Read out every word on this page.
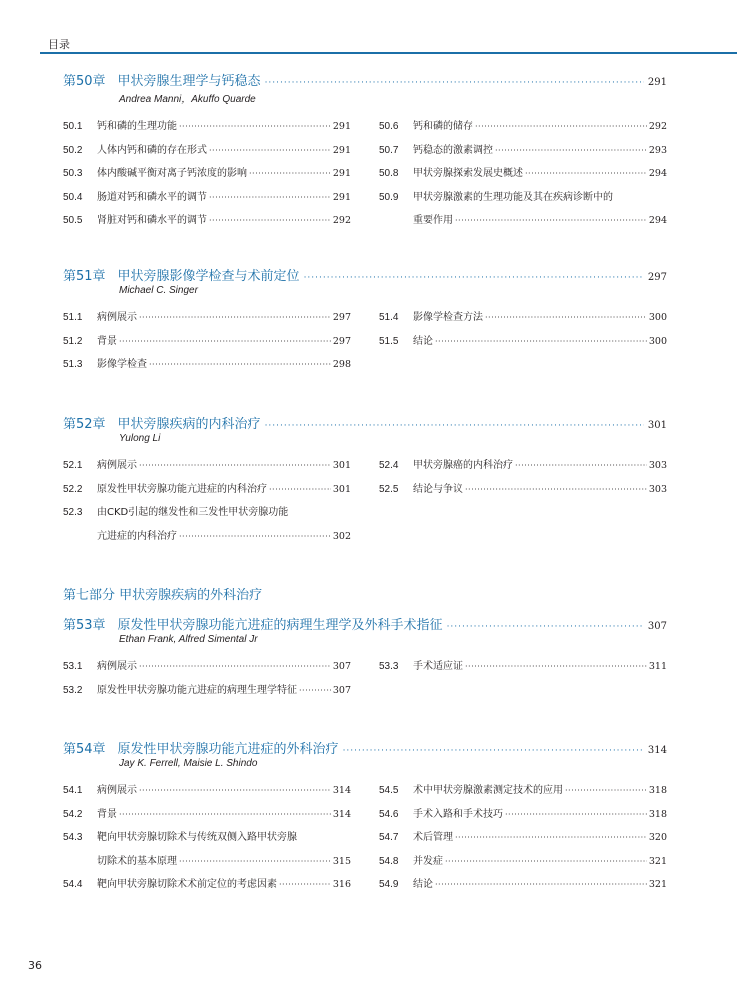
目录
第50章 甲状旁腺生理学与钙稳态 ·····	291
Andrea Manni，Akuffo Quarde
50.1	钙和磷的生理功能 ·····	291
50.2	人体内钙和磷的存在形式 ·····	291
50.3	体内酸碱平衡对离子钙浓度的影响 ·····	291
50.4	肠道对钙和磷水平的调节 ·····	291
50.5	肾脏对钙和磷水平的调节 ·····	292
50.6	钙和磷的储存 ·····	292
50.7	钙稳态的激素调控 ·····	293
50.8	甲状旁腺探索发展史概述 ·····	294
50.9	甲状旁腺激素的生理功能及其在疾病诊断中的
重要作用 ·····	294
第51章 甲状旁腺影像学检查与术前定位 ·····	297
Michael C. Singer
51.1	病例展示 ·····	297
51.2	背景 ·····	297
51.3	影像学检查 ·····	298
51.4	影像学检查方法 ·····	300
51.5	结论 ·····	300
第52章 甲状旁腺疾病的内科治疗 ·····	301
Yulong Li
52.1	病例展示 ·····	301
52.2	原发性甲状旁腺功能亢进症的内科治疗 ·····	301
52.3	由CKD引起的继发性和三发性甲状旁腺功能
亢进症的内科治疗 ·····	302
52.4	甲状旁腺癌的内科治疗 ·····	303
52.5	结论与争议 ·····	303
第53章 原发性甲状旁腺功能亢进症的病理生理学及外科手术指征 ·····	307
Ethan Frank, Alfred Simental Jr
53.1	病例展示 ·····	307
53.2	原发性甲状旁腺功能亢进症的病理生理学特征 ·····	307
53.3	手术适应证 ·····	311
第54章 原发性甲状旁腺功能亢进症的外科治疗 ·····	314
Jay K. Ferrell, Maisie L. Shindo
54.1	病例展示 ·····	314
54.2	背景 ·····	314
54.3	靶向甲状旁腺切除术与传统双侧入路甲状旁腺
切除术的基本原理 ·····	315
54.4	靶向甲状旁腺切除术术前定位的考虑因素 ·····	316
54.5	术中甲状旁腺激素测定技术的应用 ·····	318
54.6	手术入路和手术技巧 ·····	318
54.7	术后管理 ·····	320
54.8	并发症 ·····	321
54.9	结论 ·····	321
第七部分 甲状旁腺疾病的外科治疗
36
